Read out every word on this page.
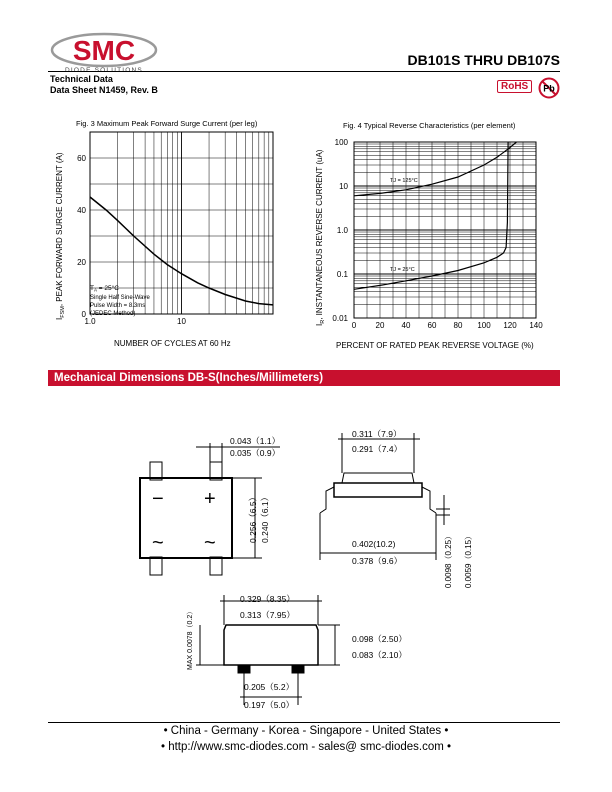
SMC	DB101S THRU DB107S
Technical Data
Data Sheet N1459, Rev. B	RoHS	Pb
Fig. 3 Maximum Peak Forward Surge Current (per leg)
1.0	10
0
20
40
60
$I_{FSM}$, PEAK FORWARD SURGE CURRENT (A)
NUMBER OF CYCLES AT 60 Hz
$T_A = 25^\circ C$
Single Half Sine-Wave
Pulse Width = 8.3ms
(JEDEC Method)
Fig. 4 Typical Reverse Characteristics (per element)
0 20 40 60 80 100 120 140
0.01
0.1
1.0
10
100
$I_R$, INSTANTANEOUS REVERSE CURRENT (uA)
PERCENT OF RATED PEAK REVERSE VOLTAGE (%)
TJ = 125°C
TJ = 25°C
Mechanical Dimensions DB-S(Inches/Millimeters)
− +
~ ~
0.043（1.1）
0.035（0.9）
0.256（6.5） 0.240（6.1）
0.311（7.9）
0.291（7.4）
0.402(10.2)
0.378（9.6）	0.0098（0.25） 0.0059（0.15）
MAX 0.0078（0.2）
0.329（8.35）
0.313（7.95）
0.098（2.50）
0.083（2.10）
0.205（5.2）
0.197（5.0）
• China - Germany - Korea - Singapore - United States •
• http://www.smc-diodes.com - sales@ smc-diodes.com •
